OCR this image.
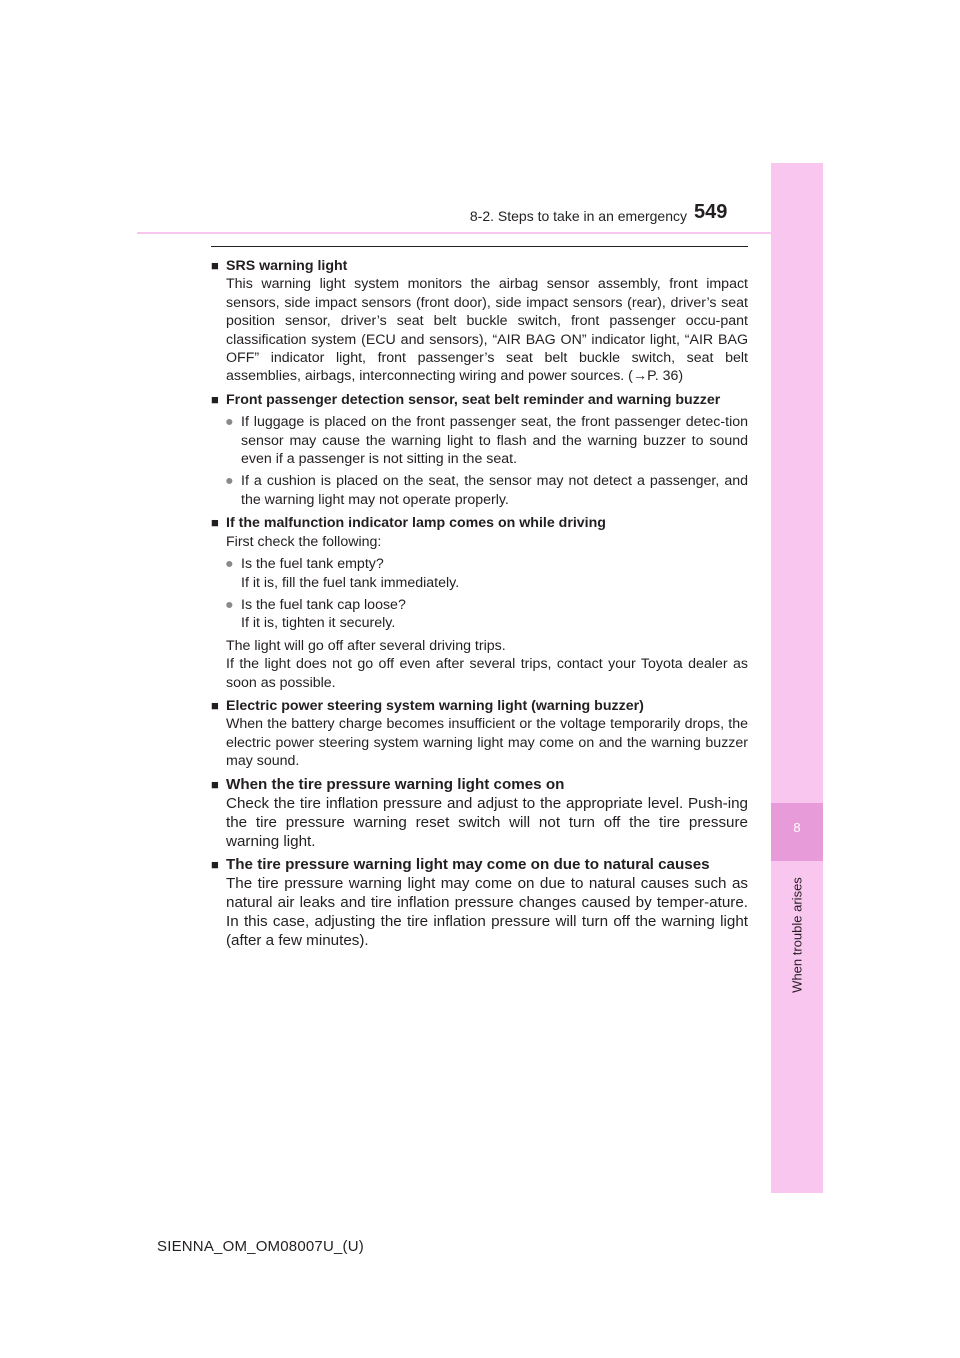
8
When trouble arises
8-2. Steps to take in an emergency 549
■ SRS warning light
This warning light system monitors the airbag sensor assembly, front impact sensors, side impact sensors (front door), side impact sensors (rear), driver’s seat position sensor, driver’s seat belt buckle switch, front passenger occu-pant classification system (ECU and sensors), “AIR BAG ON” indicator light, “AIR BAG OFF” indicator light, front passenger’s seat belt buckle switch, seat belt assemblies, airbags, interconnecting wiring and power sources. (→P. 36)
■ Front passenger detection sensor, seat belt reminder and warning buzzer
● If luggage is placed on the front passenger seat, the front passenger detec-tion sensor may cause the warning light to flash and the warning buzzer to sound even if a passenger is not sitting in the seat.
● If a cushion is placed on the seat, the sensor may not detect a passenger, and the warning light may not operate properly.
■ If the malfunction indicator lamp comes on while driving
First check the following:
● Is the fuel tank empty?
If it is, fill the fuel tank immediately.
● Is the fuel tank cap loose?
If it is, tighten it securely.
The light will go off after several driving trips.
If the light does not go off even after several trips, contact your Toyota dealer as soon as possible.
■ Electric power steering system warning light (warning buzzer)
When the battery charge becomes insufficient or the voltage temporarily drops, the electric power steering system warning light may come on and the warning buzzer may sound.
■ When the tire pressure warning light comes on
Check the tire inflation pressure and adjust to the appropriate level. Push-ing the tire pressure warning reset switch will not turn off the tire pressure warning light.
■ The tire pressure warning light may come on due to natural causes
The tire pressure warning light may come on due to natural causes such as natural air leaks and tire inflation pressure changes caused by temper-ature. In this case, adjusting the tire inflation pressure will turn off the warning light (after a few minutes).
SIENNA_OM_OM08007U_(U)
